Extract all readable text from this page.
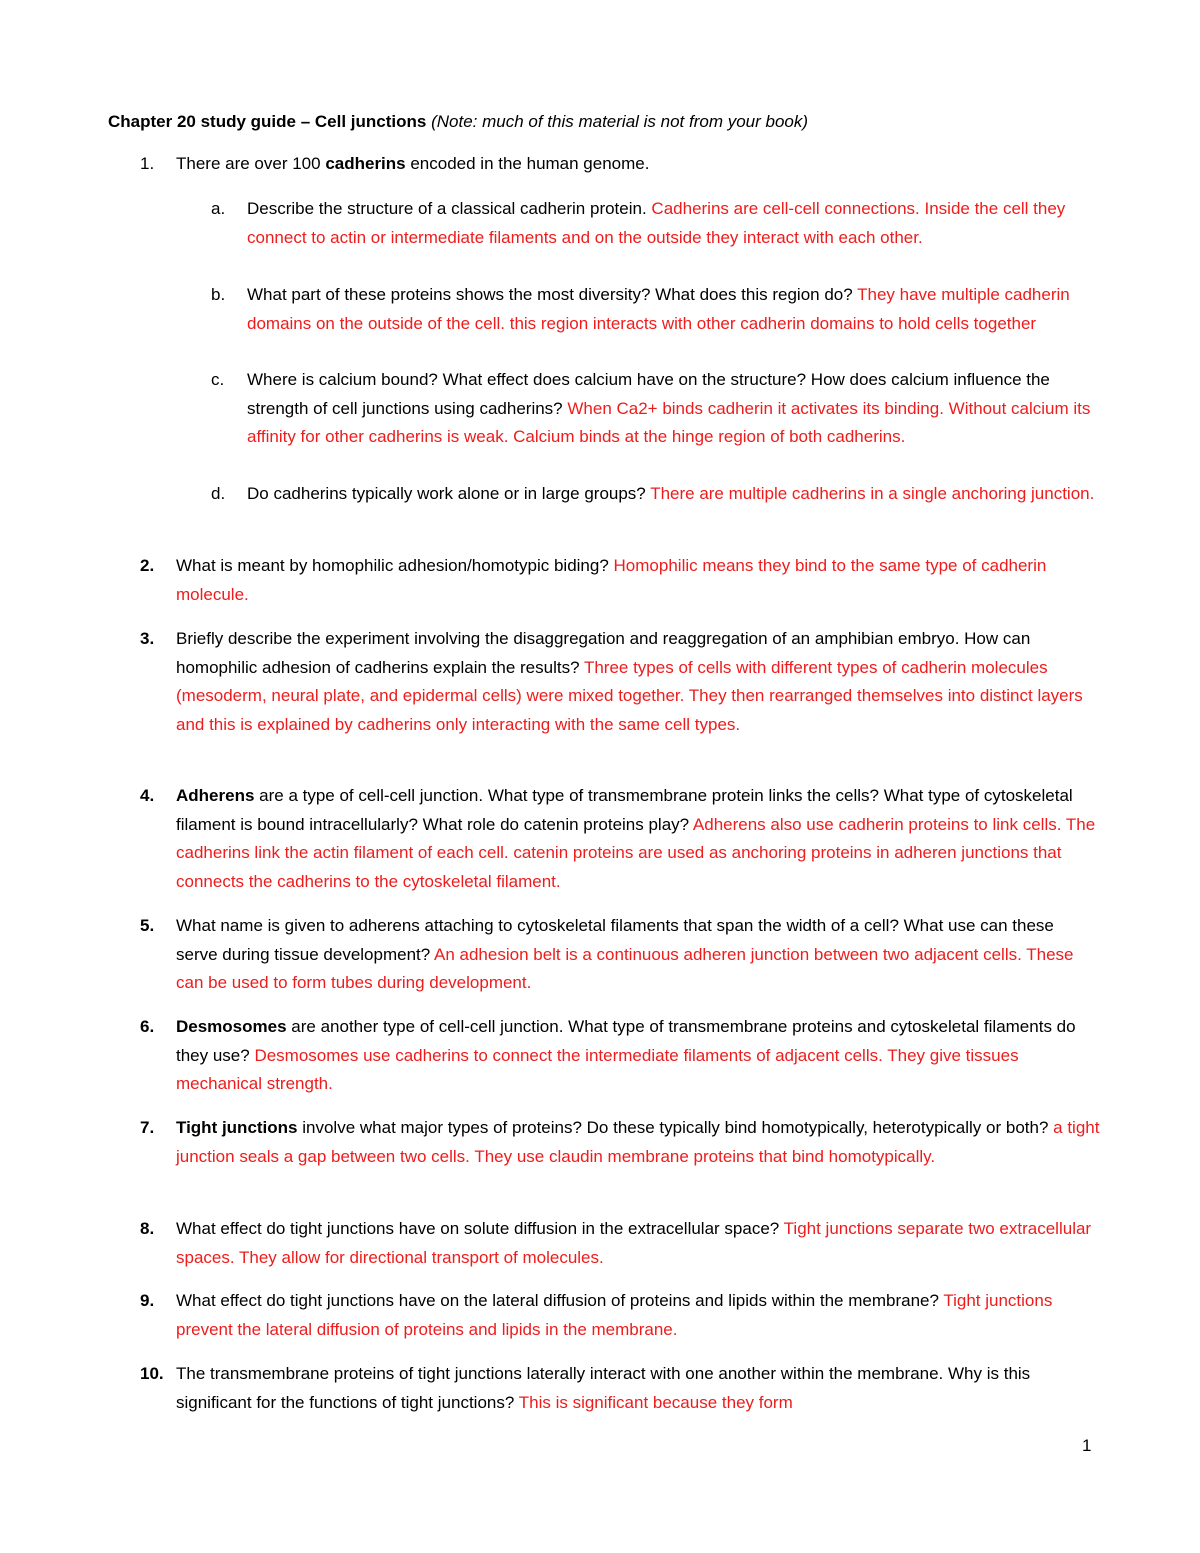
Chapter 20 study guide – Cell junctions (Note: much of this material is not from your book)
1.	There are over 100 cadherins encoded in the human genome.
a. Describe the structure of a classical cadherin protein. Cadherins are cell-cell connections. Inside the cell they connect to actin or intermediate filaments and on the outside they interact with each other.
b. What part of these proteins shows the most diversity? What does this region do? They have multiple cadherin domains on the outside of the cell. this region interacts with other cadherin domains to hold cells together
c. Where is calcium bound? What effect does calcium have on the structure? How does calcium influence the strength of cell junctions using cadherins? When Ca2+ binds cadherin it activates its binding. Without calcium its affinity for other cadherins is weak. Calcium binds at the hinge region of both cadherins.
d. Do cadherins typically work alone or in large groups? There are multiple cadherins in a single anchoring junction.
2.	What is meant by homophilic adhesion/homotypic biding? Homophilic means they bind to the same type of cadherin molecule.
3.	Briefly describe the experiment involving the disaggregation and reaggregation of an amphibian embryo. How can homophilic adhesion of cadherins explain the results? Three types of cells with different types of cadherin molecules (mesoderm, neural plate, and epidermal cells) were mixed together. They then rearranged themselves into distinct layers and this is explained by cadherins only interacting with the same cell types.
4.	Adherens are a type of cell-cell junction. What type of transmembrane protein links the cells? What type of cytoskeletal filament is bound intracellularly? What role do catenin proteins play? Adherens also use cadherin proteins to link cells. The cadherins link the actin filament of each cell. catenin proteins are used as anchoring proteins in adheren junctions that connects the cadherins to the cytoskeletal filament.
5.	What name is given to adherens attaching to cytoskeletal filaments that span the width of a cell? What use can these serve during tissue development? An adhesion belt is a continuous adheren junction between two adjacent cells. These can be used to form tubes during development.
6.	Desmosomes are another type of cell-cell junction. What type of transmembrane proteins and cytoskeletal filaments do they use? Desmosomes use cadherins to connect the intermediate filaments of adjacent cells. They give tissues mechanical strength.
7.	Tight junctions involve what major types of proteins? Do these typically bind homotypically, heterotypically or both? a tight junction seals a gap between two cells. They use claudin membrane proteins that bind homotypically.
8.	What effect do tight junctions have on solute diffusion in the extracellular space? Tight junctions separate two extracellular spaces. They allow for directional transport of molecules.
9.	What effect do tight junctions have on the lateral diffusion of proteins and lipids within the membrane? Tight junctions prevent the lateral diffusion of proteins and lipids in the membrane.
10. The transmembrane proteins of tight junctions laterally interact with one another within the membrane. Why is this significant for the functions of tight junctions? This is significant because they form
1
